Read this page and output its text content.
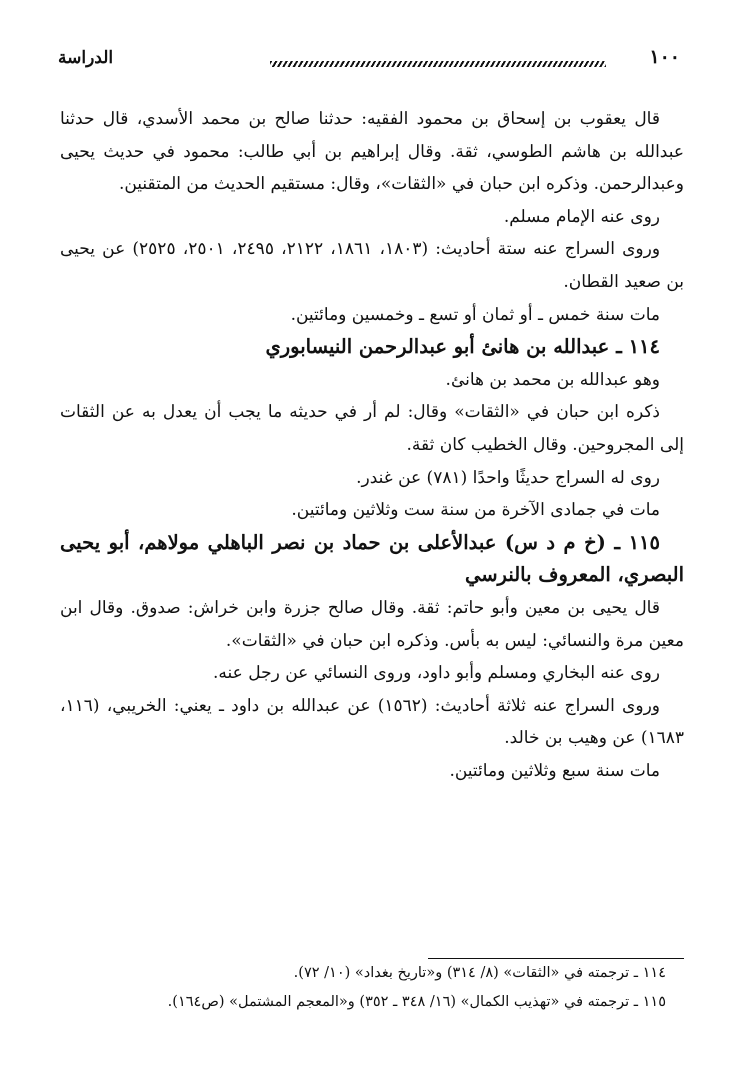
الدراسة	١٠٠

قال يعقوب بن إسحاق بن محمود الفقيه: حدثنا صالح بن محمد الأسدي، قال حدثنا عبدالله بن هاشم الطوسي، ثقة. وقال إبراهيم بن أبي طالب: محمود في حديث يحيى وعبدالرحمن. وذكره ابن حبان في «الثقات»، وقال: مستقيم الحديث من المتقنين.

روى عنه الإمام مسلم.

وروى السراج عنه ستة أحاديث: (١٨٠٣، ١٨٦١، ٢١٢٢، ٢٤٩٥، ٢٥٠١، ٢٥٢٥) عن يحيى بن صعيد القطان.

مات سنة خمس ـ أو ثمان أو تسع ـ وخمسين ومائتين.

١١٤ ـ عبدالله بن هانئ أبو عبدالرحمن النيسابوري

وهو عبدالله بن محمد بن هانئ.

ذكره ابن حبان في «الثقات» وقال: لم أر في حديثه ما يجب أن يعدل به عن الثقات إلى المجروحين. وقال الخطيب كان ثقة.

روى له السراج حديثًا واحدًا (٧٨١) عن غندر.

مات في جمادى الآخرة من سنة ست وثلاثين ومائتين.

١١٥ ـ (خ م د س) عبدالأعلى بن حماد بن نصر الباهلي مولاهم، أبو يحيى البصري، المعروف بالنرسي

قال يحيى بن معين وأبو حاتم: ثقة. وقال صالح جزرة وابن خراش: صدوق. وقال ابن معين مرة والنسائي: ليس به بأس. وذكره ابن حبان في «الثقات».

روى عنه البخاري ومسلم وأبو داود، وروى النسائي عن رجل عنه.

وروى السراج عنه ثلاثة أحاديث: (١٥٦٢) عن عبدالله بن داود ـ يعني: الخريبي، (١١٦، ١٦٨٣) عن وهيب بن خالد.

مات سنة سبع وثلاثين ومائتين.

١١٤ ـ ترجمته في «الثقات» (٨/ ٣١٤) و«تاريخ بغداد» (١٠/ ٧٢).

١١٥ ـ ترجمته في «تهذيب الكمال» (١٦/ ٣٤٨ ـ ٣٥٢) و«المعجم المشتمل» (ص١٦٤).
